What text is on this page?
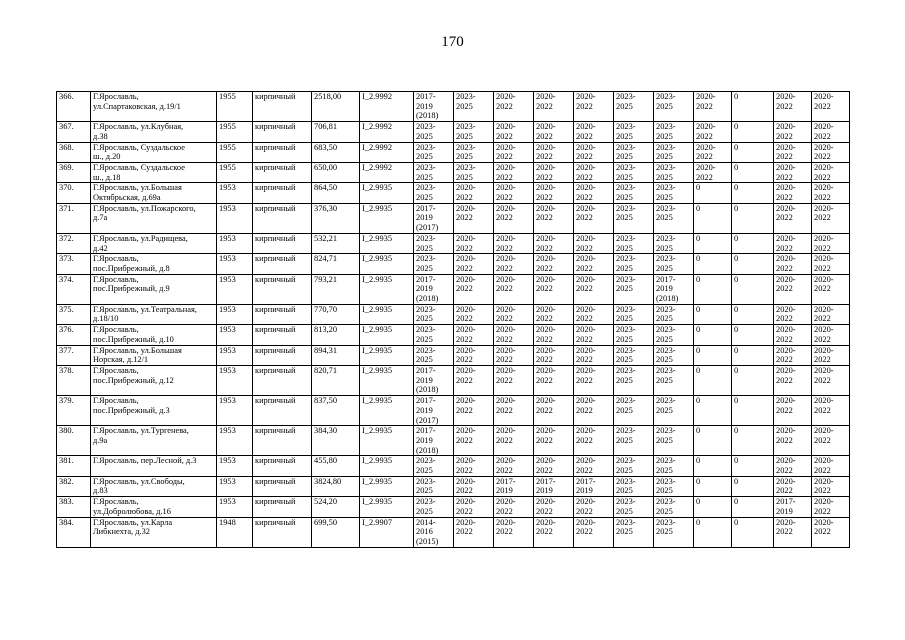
170
366.	Г.Ярославль,
ул.Спартаковская, д.19/1	1955	кирпичный	2518,00	I_2.9992	2017-
2019
(2018)	2023-
2025	2020-
2022	2020-
2022	2020-
2022	2023-
2025	2023-
2025	2020-
2022	0	2020-
2022	2020-
2022
367.	Г.Ярославль, ул.Клубная,
д.38	1955	кирпичный	706,81	I_2.9992	2023-
2025	2023-
2025	2020-
2022	2020-
2022	2020-
2022	2023-
2025	2023-
2025	2020-
2022	0	2020-
2022	2020-
2022
368.	Г.Ярославль, Суздальское
ш., д.20	1955	кирпичный	683,50	I_2.9992	2023-
2025	2023-
2025	2020-
2022	2020-
2022	2020-
2022	2023-
2025	2023-
2025	2020-
2022	0	2020-
2022	2020-
2022
369.	Г.Ярославль, Суздальское
ш., д.18	1955	кирпичный	650,00	I_2.9992	2023-
2025	2023-
2025	2020-
2022	2020-
2022	2020-
2022	2023-
2025	2023-
2025	2020-
2022	0	2020-
2022	2020-
2022
370.	Г.Ярославль, ул.Большая
Октябрьская, д.69а	1953	кирпичный	864,50	I_2.9935	2023-
2025	2020-
2022	2020-
2022	2020-
2022	2020-
2022	2023-
2025	2023-
2025	0	0	2020-
2022	2020-
2022
371.	Г.Ярославль, ул.Пожарского,
д.7а	1953	кирпичный	376,30	I_2.9935	2017-
2019
(2017)	2020-
2022	2020-
2022	2020-
2022	2020-
2022	2023-
2025	2023-
2025	0	0	2020-
2022	2020-
2022
372.	Г.Ярославль, ул.Радищева,
д.42	1953	кирпичный	532,21	I_2.9935	2023-
2025	2020-
2022	2020-
2022	2020-
2022	2020-
2022	2023-
2025	2023-
2025	0	0	2020-
2022	2020-
2022
373.	Г.Ярославль,
пос.Прибрежный, д.8	1953	кирпичный	824,71	I_2.9935	2023-
2025	2020-
2022	2020-
2022	2020-
2022	2020-
2022	2023-
2025	2023-
2025	0	0	2020-
2022	2020-
2022
374.	Г.Ярославль,
пос.Прибрежный, д.9	1953	кирпичный	793,21	I_2.9935	2017-
2019
(2018)	2020-
2022	2020-
2022	2020-
2022	2020-
2022	2023-
2025	2017-
2019
(2018)	0	0	2020-
2022	2020-
2022
375.	Г.Ярославль, ул.Театральная,
д.18/10	1953	кирпичный	770,70	I_2.9935	2023-
2025	2020-
2022	2020-
2022	2020-
2022	2020-
2022	2023-
2025	2023-
2025	0	0	2020-
2022	2020-
2022
376.	Г.Ярославль,
пос.Прибрежный, д.10	1953	кирпичный	813,20	I_2.9935	2023-
2025	2020-
2022	2020-
2022	2020-
2022	2020-
2022	2023-
2025	2023-
2025	0	0	2020-
2022	2020-
2022
377.	Г.Ярославль, ул.Большая
Норская, д.12/1	1953	кирпичный	894,31	I_2.9935	2023-
2025	2020-
2022	2020-
2022	2020-
2022	2020-
2022	2023-
2025	2023-
2025	0	0	2020-
2022	2020-
2022
378.	Г.Ярославль,
пос.Прибрежный, д.12	1953	кирпичный	820,71	I_2.9935	2017-
2019
(2018)	2020-
2022	2020-
2022	2020-
2022	2020-
2022	2023-
2025	2023-
2025	0	0	2020-
2022	2020-
2022
379.	Г.Ярославль,
пос.Прибрежный, д.3	1953	кирпичный	837,50	I_2.9935	2017-
2019
(2017)	2020-
2022	2020-
2022	2020-
2022	2020-
2022	2023-
2025	2023-
2025	0	0	2020-
2022	2020-
2022
380.	Г.Ярославль, ул.Тургенева,
д.9а	1953	кирпичный	384,30	I_2.9935	2017-
2019
(2018)	2020-
2022	2020-
2022	2020-
2022	2020-
2022	2023-
2025	2023-
2025	0	0	2020-
2022	2020-
2022
381.	Г.Ярославль, пер.Лесной, д.3	1953	кирпичный	455,80	I_2.9935	2023-
2025	2020-
2022	2020-
2022	2020-
2022	2020-
2022	2023-
2025	2023-
2025	0	0	2020-
2022	2020-
2022
382.	Г.Ярославль, ул.Свободы,
д.83	1953	кирпичный	3824,80	I_2.9935	2023-
2025	2020-
2022	2017-
2019	2017-
2019	2017-
2019	2023-
2025	2023-
2025	0	0	2020-
2022	2020-
2022
383.	Г.Ярославль,
ул.Добролюбова, д.16	1953	кирпичный	524,20	I_2.9935	2023-
2025	2020-
2022	2020-
2022	2020-
2022	2020-
2022	2023-
2025	2023-
2025	0	0	2017-
2019	2020-
2022
384.	Г.Ярославль, ул.Карла
Либкнехта, д.32	1948	кирпичный	699,50	I_2.9907	2014-
2016
(2015)	2020-
2022	2020-
2022	2020-
2022	2020-
2022	2023-
2025	2023-
2025	0	0	2020-
2022	2020-
2022
